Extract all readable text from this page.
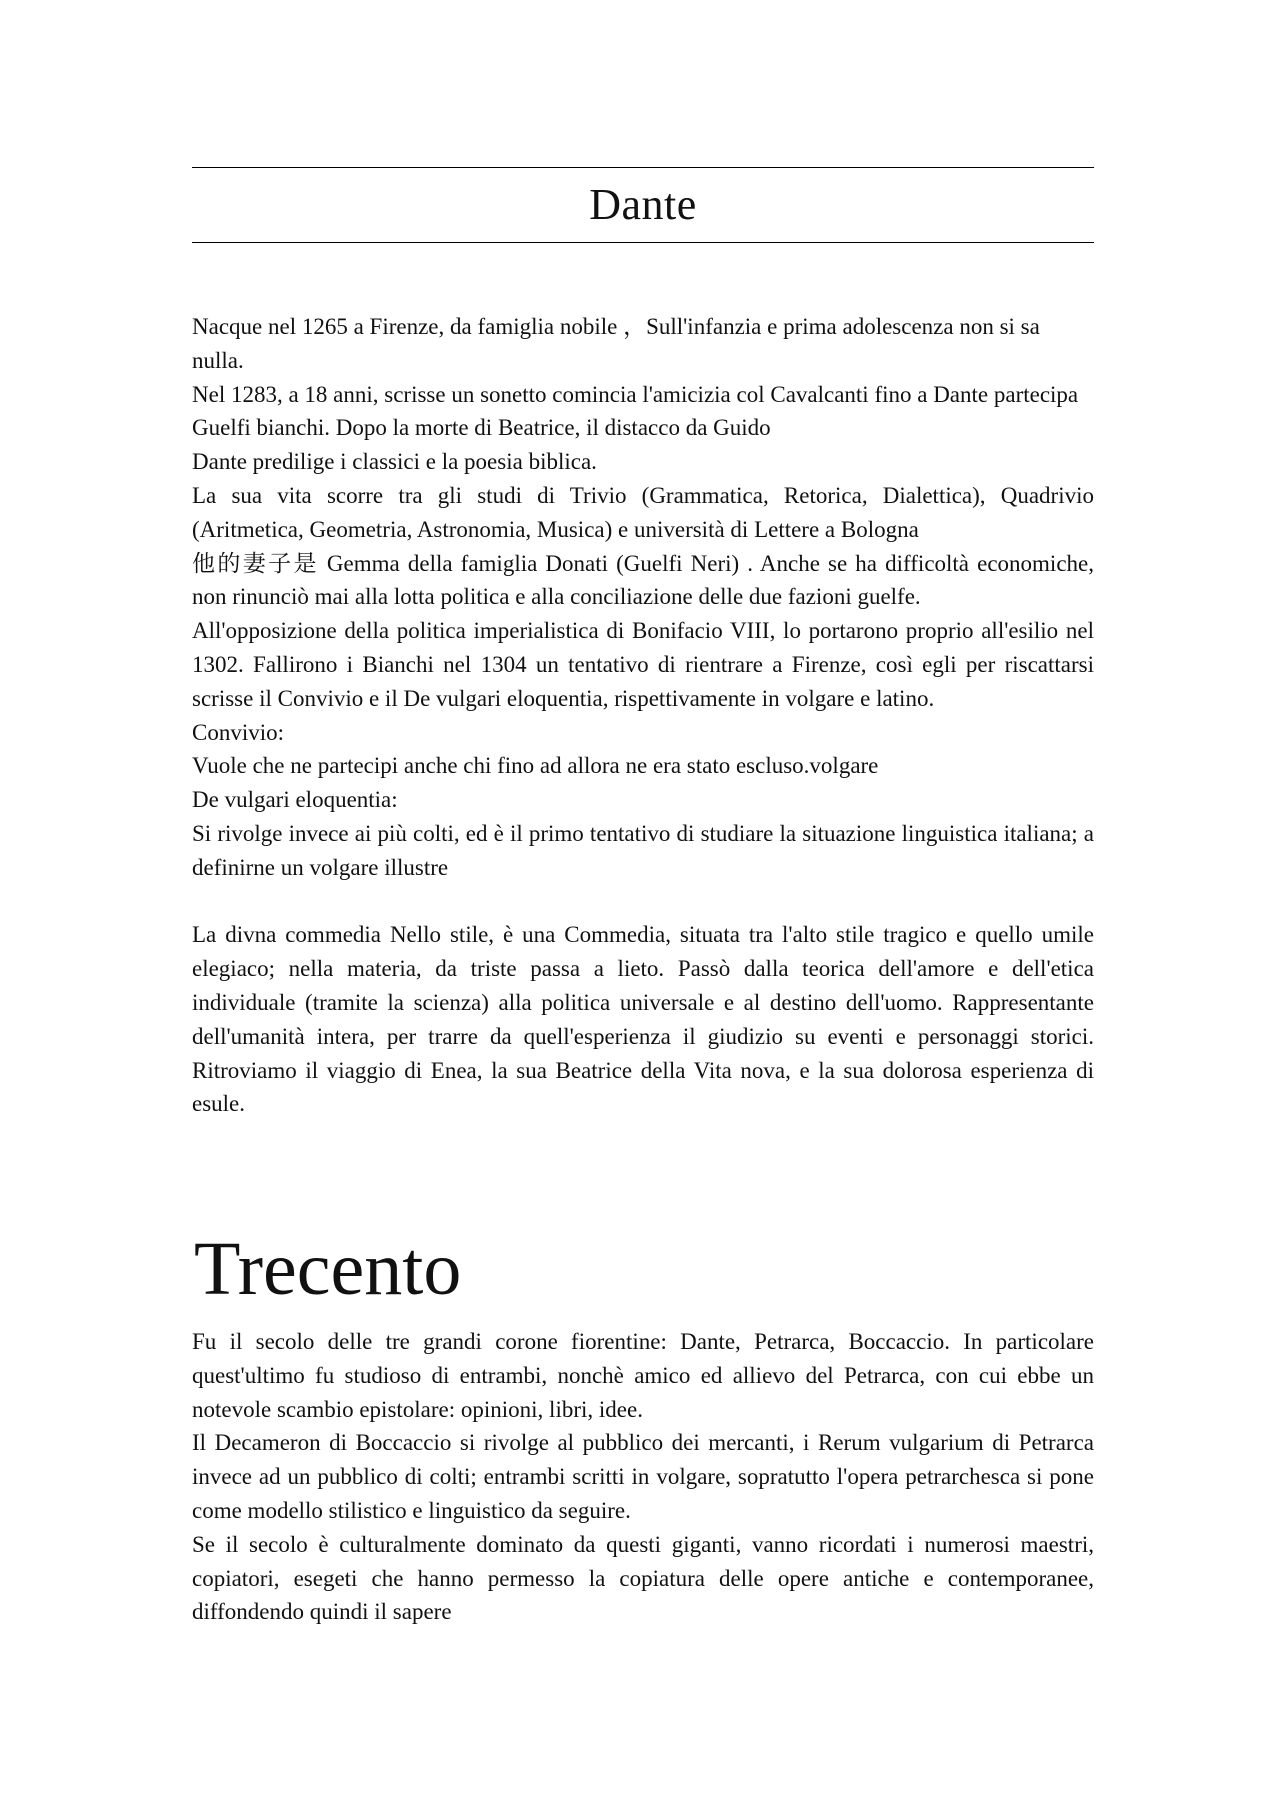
Dante

Nacque nel 1265 a Firenze, da famiglia nobile ，Sull'infanzia e prima adolescenza non si sa nulla.

Nel 1283, a 18 anni, scrisse un sonetto comincia l'amicizia col Cavalcanti fino a Dante partecipa Guelfi bianchi. Dopo la morte di Beatrice, il distacco da Guido

Dante predilige i classici e la poesia biblica.

La sua vita scorre tra gli studi di Trivio (Grammatica, Retorica, Dialettica), Quadrivio (Aritmetica, Geometria, Astronomia, Musica) e università di Lettere a Bologna

他的妻子是 Gemma della famiglia Donati (Guelfi Neri) . Anche se ha difficoltà economiche, non rinunciò mai alla lotta politica e alla conciliazione delle due fazioni guelfe.

All'opposizione della politica imperialistica di Bonifacio VIII, lo portarono proprio all'esilio nel 1302. Fallirono i Bianchi nel 1304 un tentativo di rientrare a Firenze, così egli per riscattarsi scrisse il Convivio e il De vulgari eloquentia, rispettivamente in volgare e latino.

Convivio:

Vuole che ne partecipi anche chi fino ad allora ne era stato escluso.volgare

De vulgari eloquentia:

Si rivolge invece ai più colti, ed è il primo tentativo di studiare la situazione linguistica italiana; a definirne un volgare illustre

La divna commedia Nello stile, è una Commedia, situata tra l'alto stile tragico e quello umile elegiaco; nella materia, da triste passa a lieto. Passò dalla teorica dell'amore e dell'etica individuale (tramite la scienza) alla politica universale e al destino dell'uomo. Rappresentante dell'umanità intera, per trarre da quell'esperienza il giudizio su eventi e personaggi storici. Ritroviamo il viaggio di Enea, la sua Beatrice della Vita nova, e la sua dolorosa esperienza di esule.

Trecento

Fu il secolo delle tre grandi corone fiorentine: Dante, Petrarca, Boccaccio. In particolare quest'ultimo fu studioso di entrambi, nonchè amico ed allievo del Petrarca, con cui ebbe un notevole scambio epistolare: opinioni, libri, idee.

Il Decameron di Boccaccio si rivolge al pubblico dei mercanti, i Rerum vulgarium di Petrarca invece ad un pubblico di colti; entrambi scritti in volgare, sopratutto l'opera petrarchesca si pone come modello stilistico e linguistico da seguire.

Se il secolo è culturalmente dominato da questi giganti, vanno ricordati i numerosi maestri, copiatori, esegeti che hanno permesso la copiatura delle opere antiche e contemporanee, diffondendo quindi il sapere
